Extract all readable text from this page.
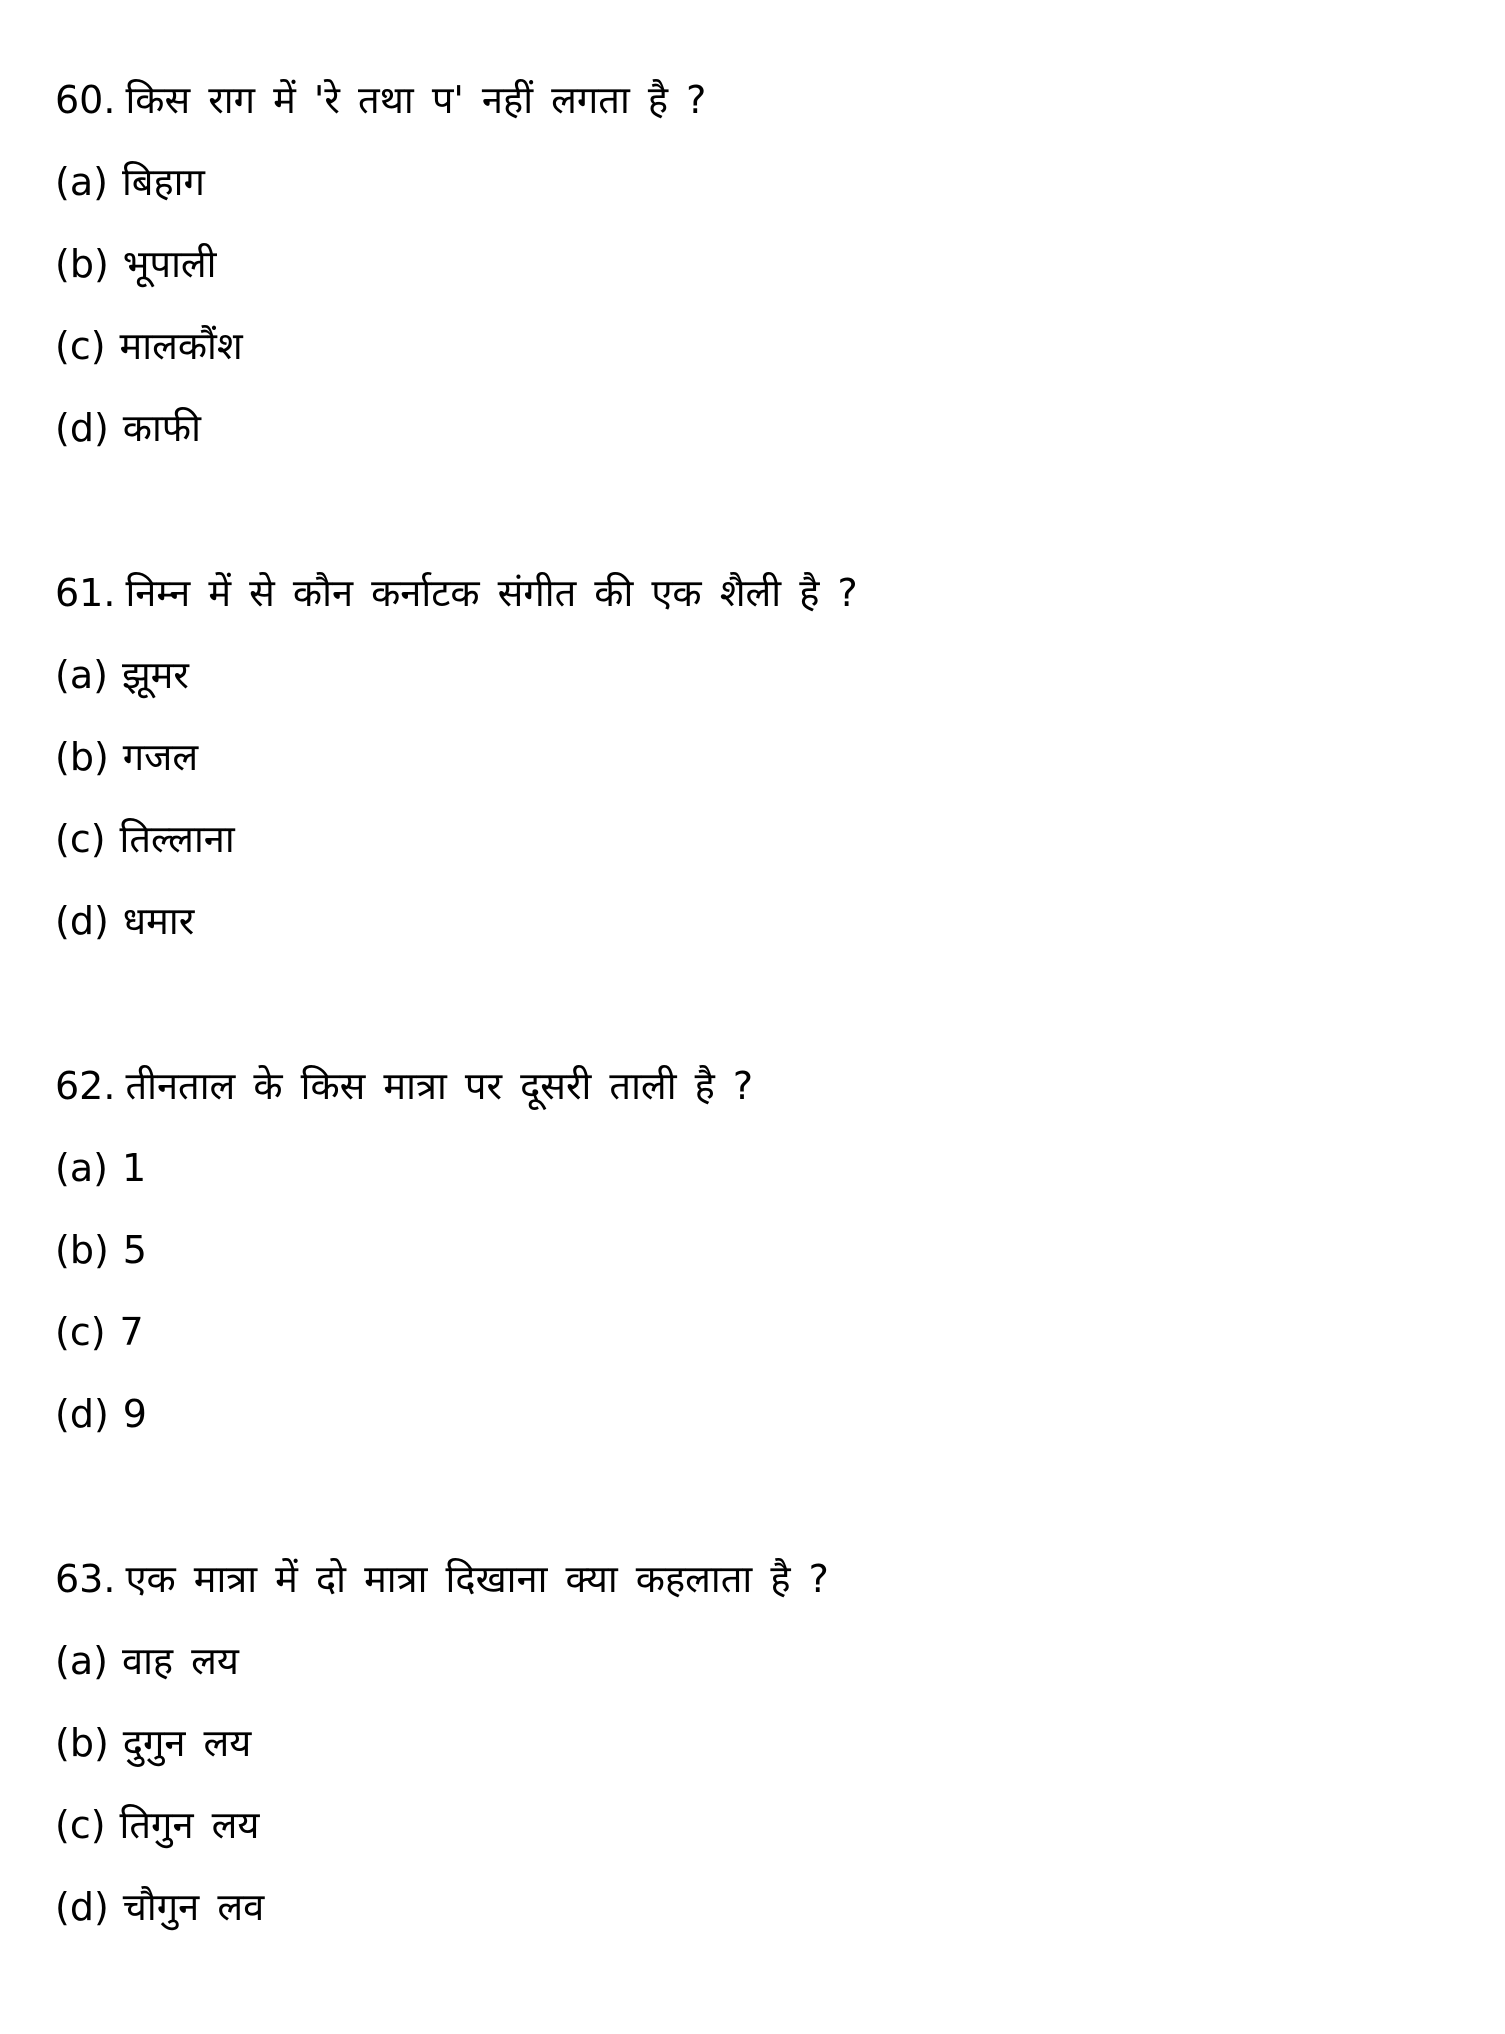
60. किस राग में 'रे तथा प' नहीं लगता है ?
(a) बिहाग
(b) भूपाली
(c) मालकौंश
(d) काफी
61. निम्न में से कौन कर्नाटक संगीत की एक शैली है ?
(a) झूमर
(b) गजल
(c) तिल्लाना
(d) धमार
62. तीनताल के किस मात्रा पर दूसरी ताली है ?
(a) 1
(b) 5
(c) 7
(d) 9
63. एक मात्रा में दो मात्रा दिखाना क्या कहलाता है ?
(a) वाह लय
(b) दुगुन लय
(c) तिगुन लय
(d) चौगुन लव
